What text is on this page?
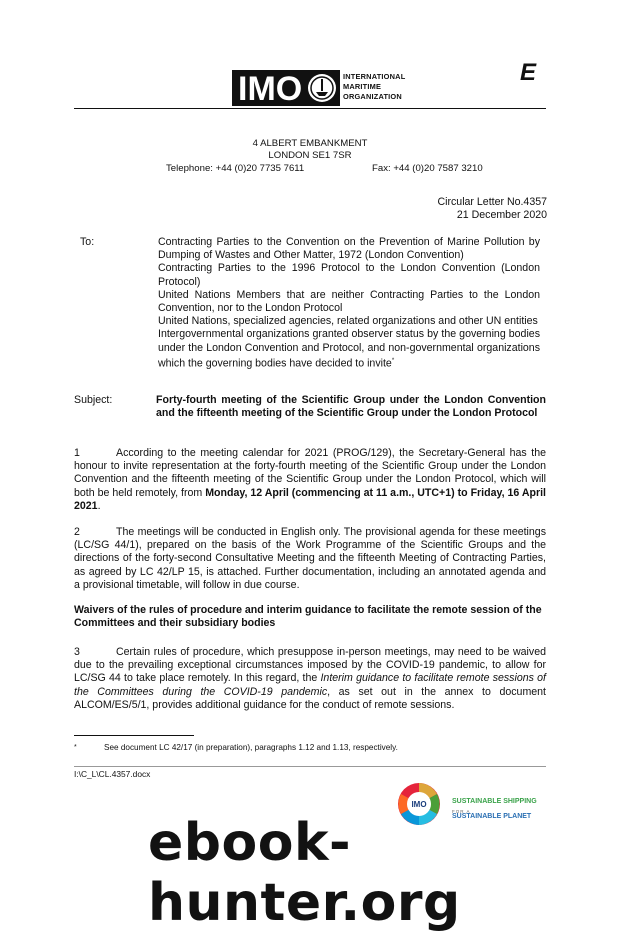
IMO	INTERNATIONAL
MARITIME
ORGANIZATION
E
4 ALBERT EMBANKMENT
LONDON SE1 7SR
Telephone: +44 (0)20 7735 7611	Fax: +44 (0)20 7587 3210
Circular Letter No.4357
21 December 2020
To:	Contracting Parties to the Convention on the Prevention of Marine Pollution by Dumping of Wastes and Other Matter, 1972 (London Convention)

Contracting Parties to the 1996 Protocol to the London Convention (London Protocol)

United Nations Members that are neither Contracting Parties to the London Convention, nor to the London Protocol

United Nations, specialized agencies, related organizations and other UN entities

Intergovernmental organizations granted observer status by the governing bodies under the London Convention and Protocol, and non-governmental organizations which the governing bodies have decided to invite*

Subject:	Forty-fourth meeting of the Scientific Group under the London Convention and the fifteenth meeting of the Scientific Group under the London Protocol
1	According to the meeting calendar for 2021 (PROG/129), the Secretary-General has the honour to invite representation at the forty-fourth meeting of the Scientific Group under the London Convention and the fifteenth meeting of the Scientific Group under the London Protocol, which will both be held remotely, from Monday, 12 April (commencing at 11 a.m., UTC+1) to Friday, 16 April 2021.
2	The meetings will be conducted in English only. The provisional agenda for these meetings (LC/SG 44/1), prepared on the basis of the Work Programme of the Scientific Groups and the directions of the forty-second Consultative Meeting and the fifteenth Meeting of Contracting Parties, as agreed by LC 42/LP 15, is attached. Further documentation, including an annotated agenda and a provisional timetable, will follow in due course.
Waivers of the rules of procedure and interim guidance to facilitate the remote session of the Committees and their subsidiary bodies
3	Certain rules of procedure, which presuppose in-person meetings, may need to be waived due to the prevailing exceptional circumstances imposed by the COVID-19 pandemic, to allow for LC/SG 44 to take place remotely. In this regard, the Interim guidance to facilitate remote sessions of the Committees during the COVID-19 pandemic, as set out in the annex to document ALCOM/ES/5/1, provides additional guidance for the conduct of remote sessions.
*	See document LC 42/17 (in preparation), paragraphs 1.12 and 1.13, respectively.
I:\C_L\CL.4357.docx
IMO	SUSTAINABLE SHIPPING
FOR A
SUSTAINABLE PLANET
ebook-hunter.org
